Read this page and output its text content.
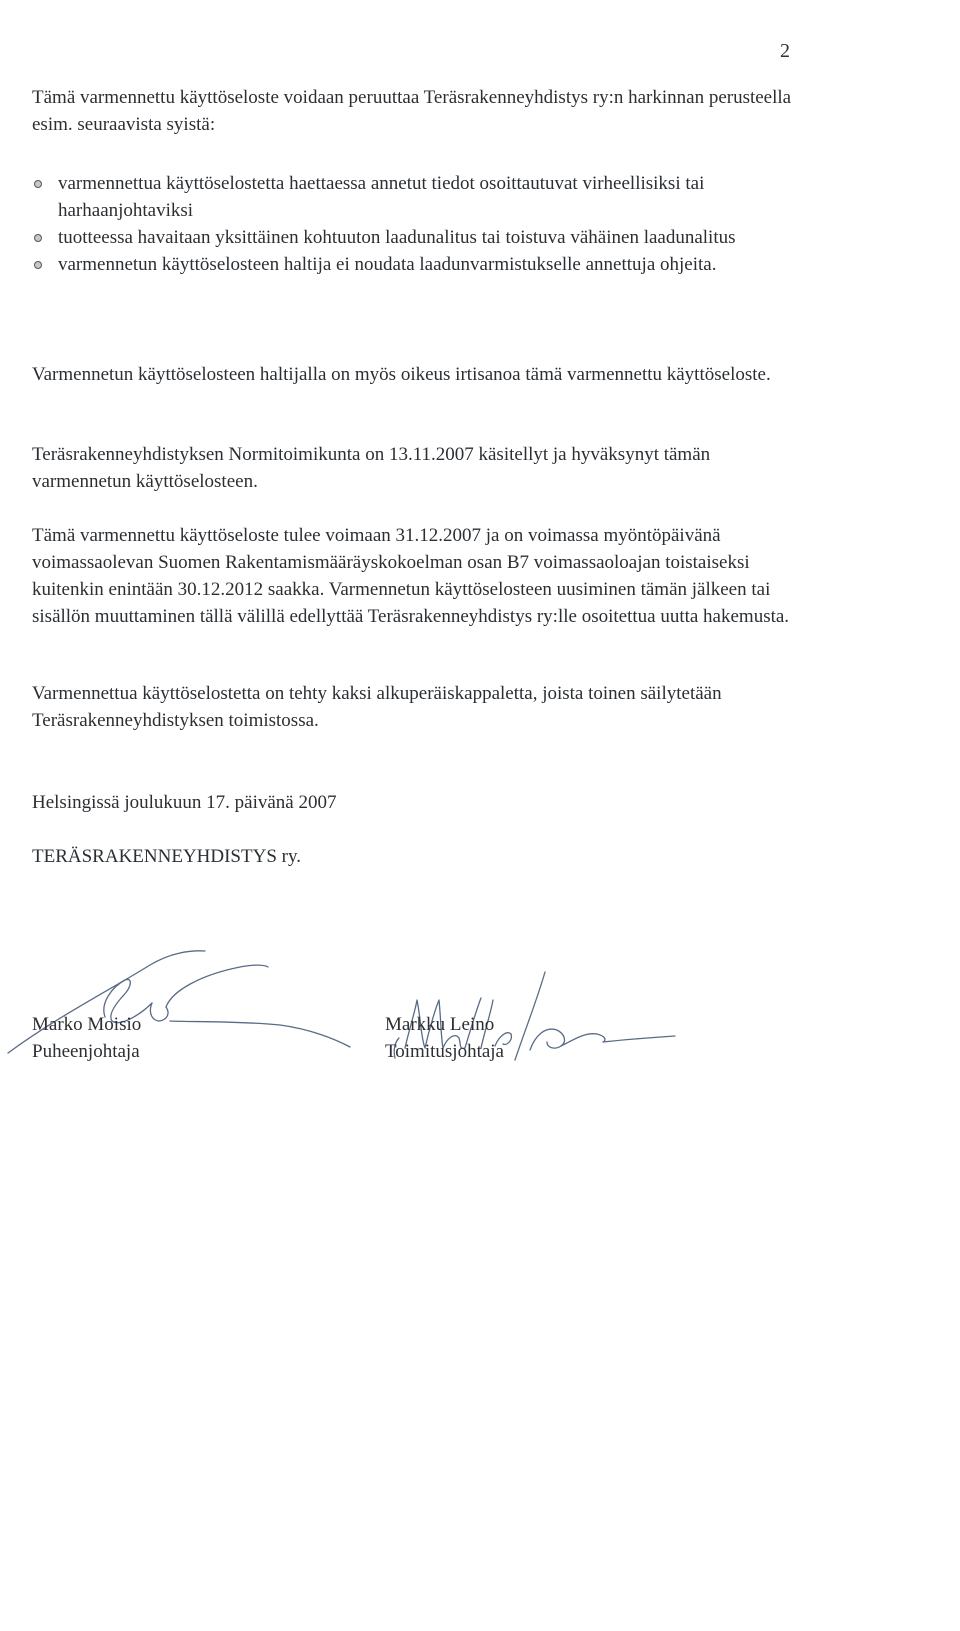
2

Tämä varmennettu käyttöseloste voidaan peruuttaa Teräsrakenneyhdistys ry:n harkinnan perusteella esim. seuraavista syistä:

varmennettua käyttöselostetta haettaessa annetut tiedot osoittautuvat virheellisiksi tai harhaanjohtaviksi
tuotteessa havaitaan yksittäinen kohtuuton laadunalitus tai toistuva vähäinen laadunalitus
varmennetun käyttöselosteen haltija ei noudata laadunvarmistukselle annettuja ohjeita.

Varmennetun käyttöselosteen haltijalla on myös oikeus irtisanoa tämä varmennettu käyttöseloste.

Teräsrakenneyhdistyksen Normitoimikunta on 13.11.2007 käsitellyt ja hyväksynyt tämän varmennetun käyttöselosteen.

Tämä varmennettu käyttöseloste tulee voimaan 31.12.2007 ja on voimassa myöntöpäivänä voimassaolevan Suomen Rakentamismääräyskokoelman osan B7 voimassaoloajan toistaiseksi kuitenkin enintään 30.12.2012 saakka. Varmennetun käyttöselosteen uusiminen tämän jälkeen tai sisällön muuttaminen tällä välillä edellyttää Teräsrakenneyhdistys ry:lle osoitettua uutta hakemusta.

Varmennettua käyttöselostetta on tehty kaksi alkuperäiskappaletta, joista toinen säilytetään Teräsrakenneyhdistyksen toimistossa.

Helsingissä joulukuun 17. päivänä 2007

TERÄSRAKENNEYHDISTYS ry.

Marko Moisio
Puheenjohtaja
Markku Leino
Toimitusjohtaja
